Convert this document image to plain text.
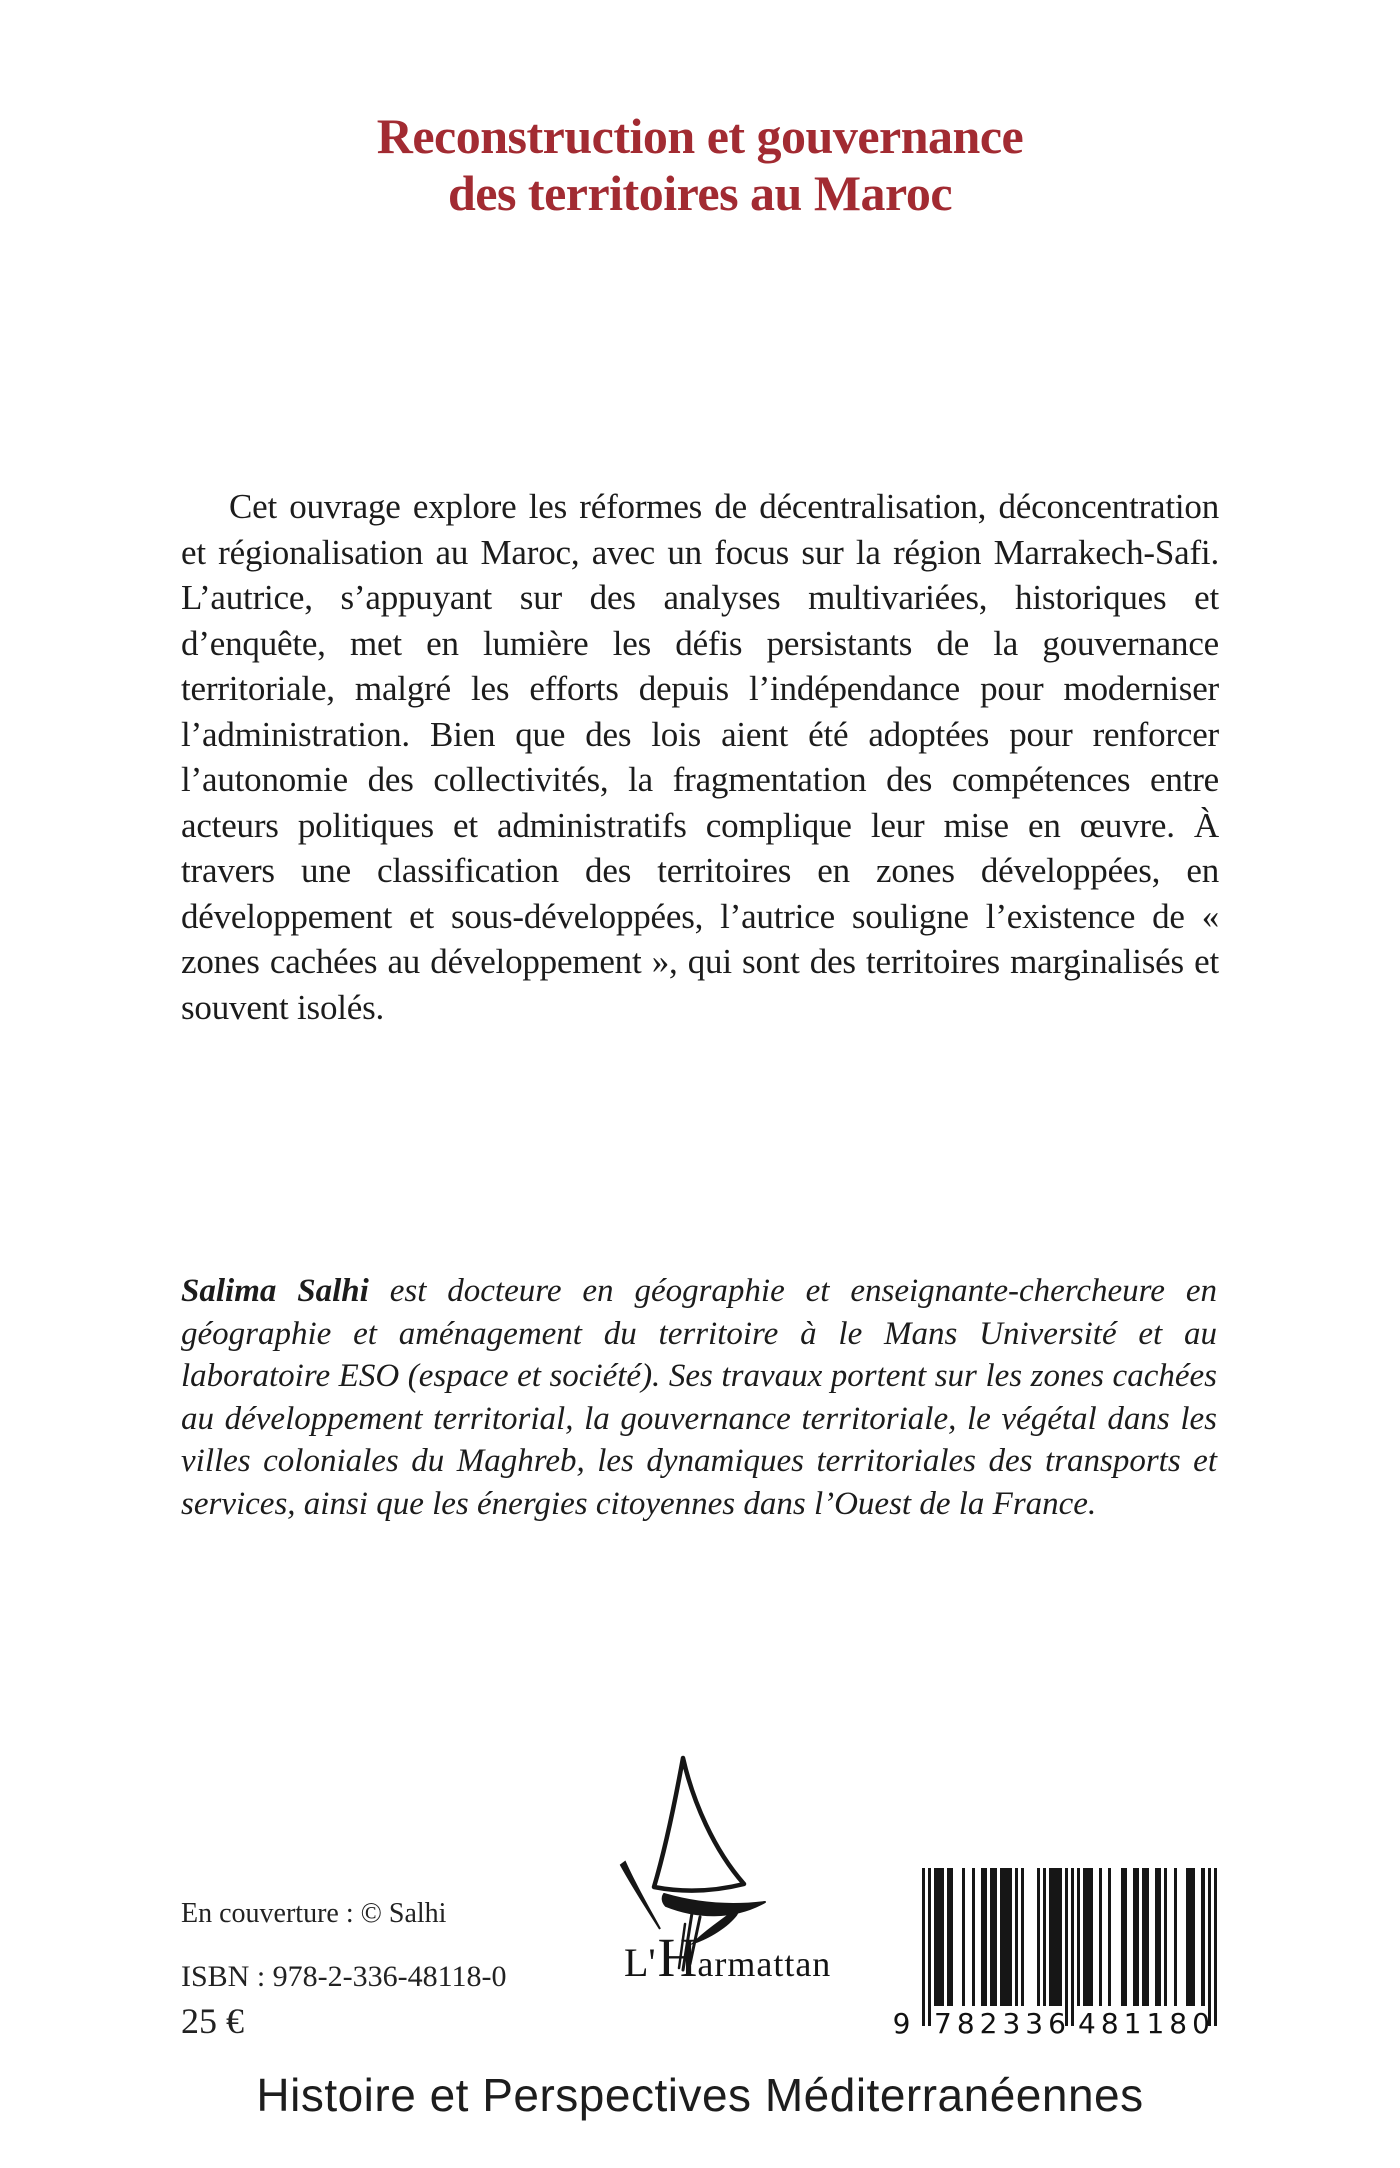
Reconstruction et gouvernance
des territoires au Maroc

Cet ouvrage explore les réformes de décentralisation, déconcentration et régionalisation au Maroc, avec un focus sur la région Marrakech-Safi. L’autrice, s’appuyant sur des analyses multivariées, historiques et d’enquête, met en lumière les défis persistants de la gouvernance territoriale, malgré les efforts depuis l’indépendance pour moderniser l’administration. Bien que des lois aient été adoptées pour renforcer l’autonomie des collectivités, la fragmentation des compétences entre acteurs politiques et administratifs complique leur mise en œuvre. À travers une classification des territoires en zones développées, en développement et sous-développées, l’autrice souligne l’existence de « zones cachées au développement », qui sont des territoires marginalisés et souvent isolés.

Salima Salhi est docteure en géographie et enseignante-chercheure en géographie et aménagement du territoire à le Mans Université et au laboratoire ESO (espace et société). Ses travaux portent sur les zones cachées au développement territorial, la gouvernance territoriale, le végétal dans les villes coloniales du Maghreb, les dynamiques territoriales des transports et services, ainsi que les énergies citoyennes dans l’Ouest de la France.

En couverture : © Salhi
ISBN : 978-2-336-48118-0
25 €
L' H armattan
9 782336 481180
Histoire et Perspectives Méditerranéennes
